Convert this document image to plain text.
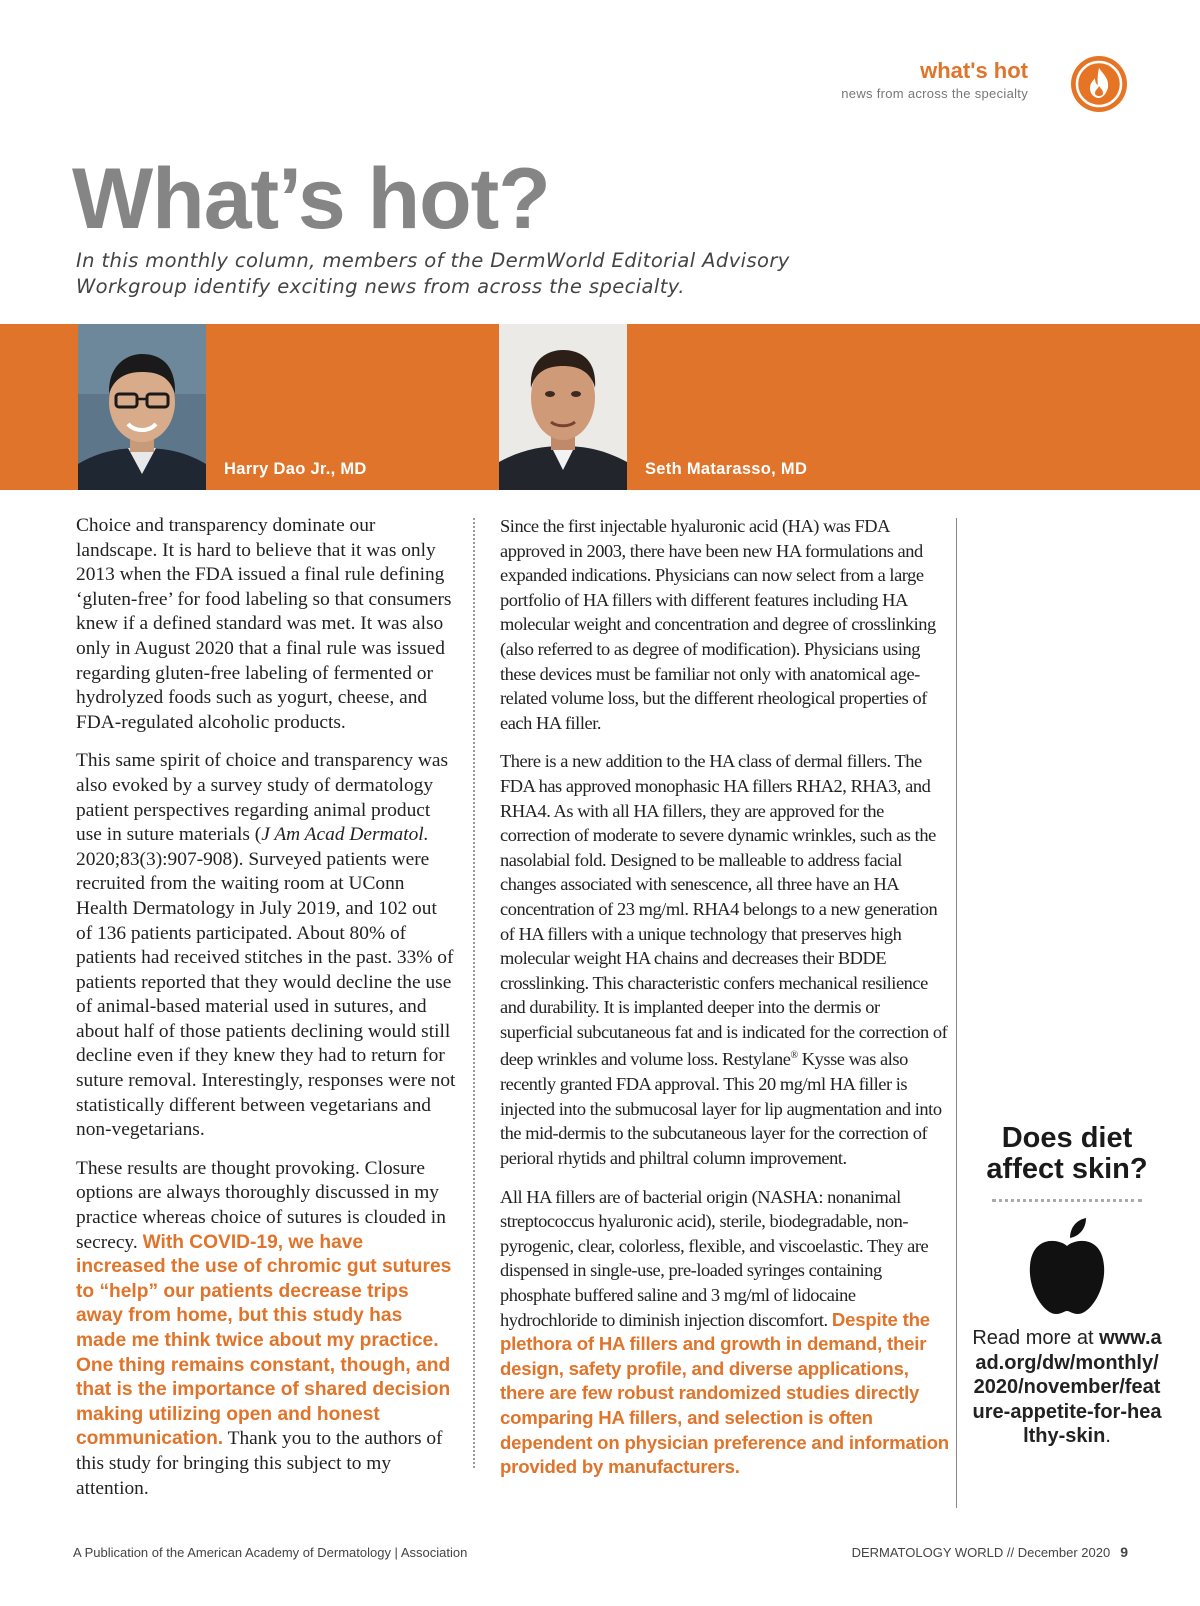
what's hot
news from across the specialty
What’s hot?

In this monthly column, members of the DermWorld Editorial Advisory Workgroup identify exciting news from across the specialty.

Harry Dao Jr., MD	Seth Matarasso, MD

Choice and transparency dominate our landscape. It is hard to believe that it was only 2013 when the FDA issued a final rule defining ‘gluten-free’ for food labeling so that consumers knew if a defined standard was met. It was also only in August 2020 that a final rule was issued regarding gluten-free labeling of fermented or hydrolyzed foods such as yogurt, cheese, and FDA-regulated alcoholic products.

This same spirit of choice and transparency was also evoked by a survey study of dermatology patient perspectives regarding animal product use in suture materials (J Am Acad Dermatol. 2020;83(3):907-908). Surveyed patients were recruited from the waiting room at UConn Health Dermatology in July 2019, and 102 out of 136 patients participated. About 80% of patients had received stitches in the past. 33% of patients reported that they would decline the use of animal-based material used in sutures, and about half of those patients declining would still decline even if they knew they had to return for suture removal. Interestingly, responses were not statistically different between vegetarians and non-vegetarians.

These results are thought provoking. Closure options are always thoroughly discussed in my practice whereas choice of sutures is clouded in secrecy. With COVID-19, we have increased the use of chromic gut sutures to “help” our patients decrease trips away from home, but this study has made me think twice about my practice. One thing remains constant, though, and that is the importance of shared decision making utilizing open and honest communication. Thank you to the authors of this study for bringing this subject to my attention.

Since the first injectable hyaluronic acid (HA) was FDA approved in 2003, there have been new HA formulations and expanded indications. Physicians can now select from a large portfolio of HA fillers with different features including HA molecular weight and concentration and degree of crosslinking (also referred to as degree of modification). Physicians using these devices must be familiar not only with anatomical age-related volume loss, but the different rheological properties of each HA filler.

There is a new addition to the HA class of dermal fillers. The FDA has approved monophasic HA fillers RHA2, RHA3, and RHA4. As with all HA fillers, they are approved for the correction of moderate to severe dynamic wrinkles, such as the nasolabial fold. Designed to be malleable to address facial changes associated with senescence, all three have an HA concentration of 23 mg/ml. RHA4 belongs to a new generation of HA fillers with a unique technology that preserves high molecular weight HA chains and decreases their BDDE crosslinking. This characteristic confers mechanical resilience and durability. It is implanted deeper into the dermis or superficial subcutaneous fat and is indicated for the correction of deep wrinkles and volume loss. Restylane® Kysse was also recently granted FDA approval. This 20 mg/ml HA filler is injected into the submucosal layer for lip augmentation and into the mid-dermis to the subcutaneous layer for the correction of perioral rhytids and philtral column improvement.

All HA fillers are of bacterial origin (NASHA: nonanimal streptococcus hyaluronic acid), sterile, biodegradable, non-pyrogenic, clear, colorless, flexible, and viscoelastic. They are dispensed in single-use, pre-loaded syringes containing phosphate buffered saline and 3 mg/ml of lidocaine hydrochloride to diminish injection discomfort. Despite the plethora of HA fillers and growth in demand, their design, safety profile, and diverse applications, there are few robust randomized studies directly comparing HA fillers, and selection is often dependent on physician preference and information provided by manufacturers.

Does diet affect skin?
Read more at www.aad.org/dw/monthly/2020/november/feature-appetite-for-healthy-skin.
A Publication of the American Academy of Dermatology | Association	DERMATOLOGY WORLD // December 2020 9
